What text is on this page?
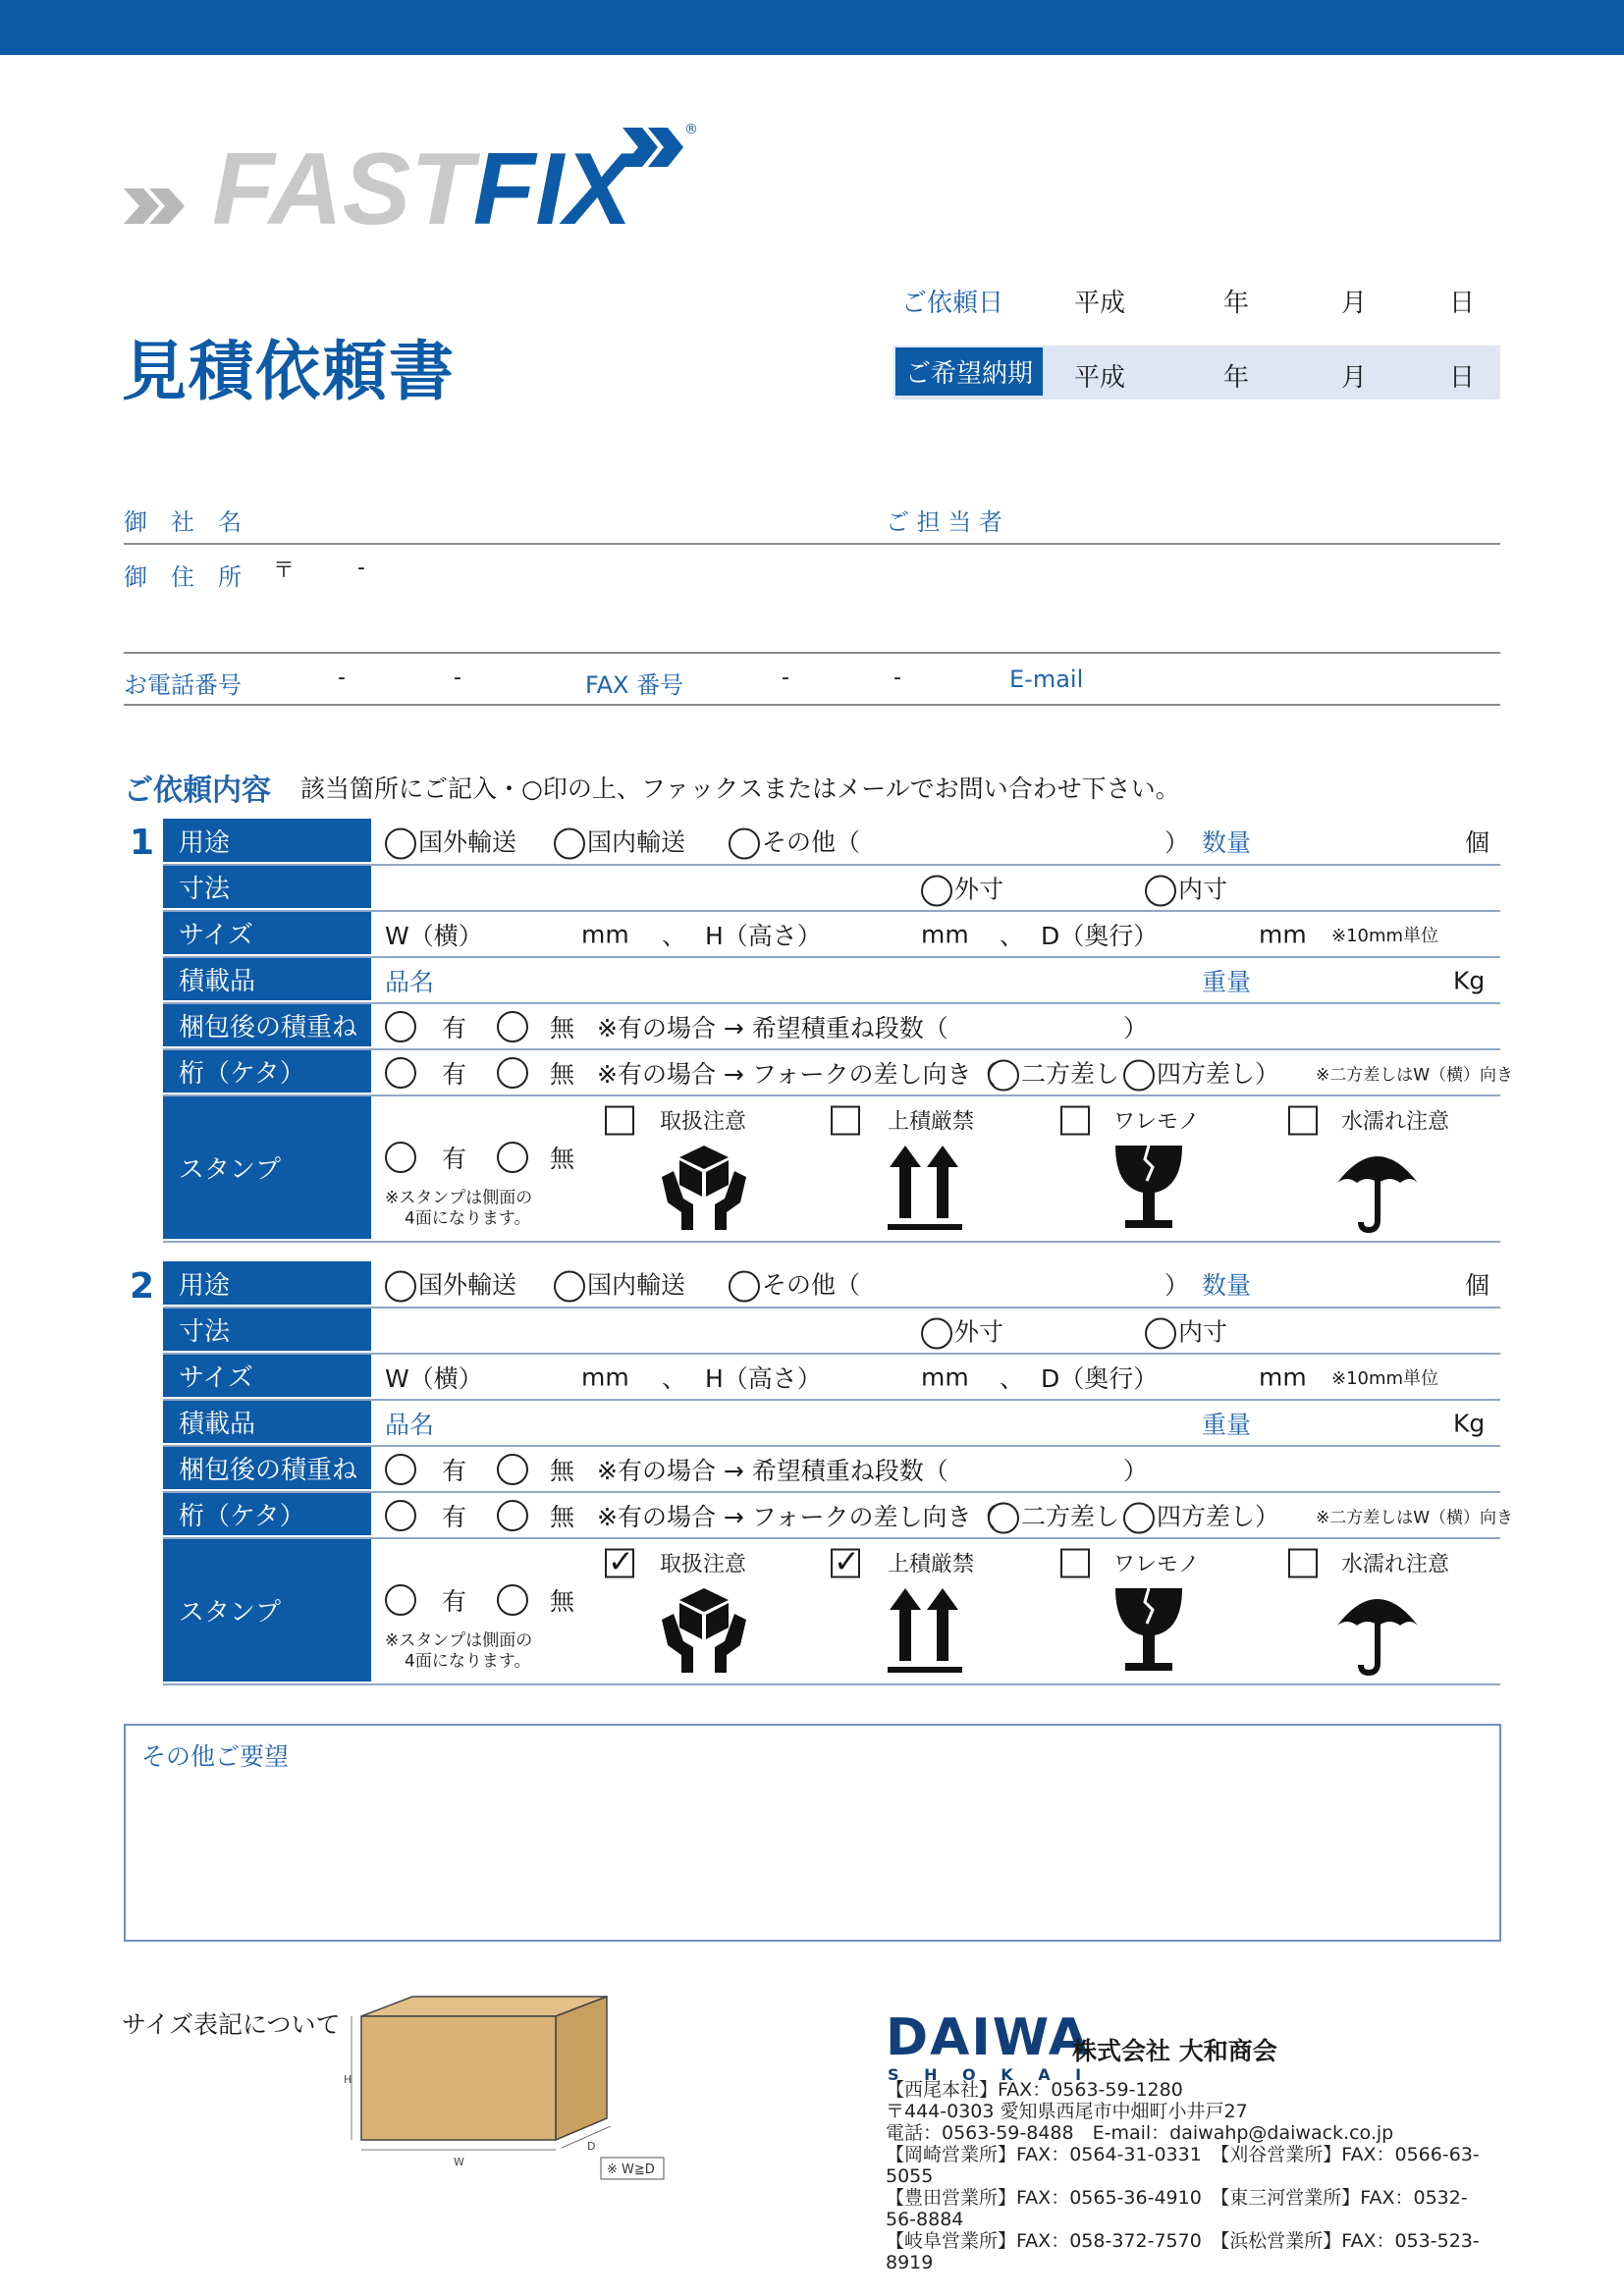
FASTFIX
®
見積依頼書
ご依頼日	平成	年	月	日
ご希望納期	平成	年	月	日
御　社　名	ご 担 当 者
御　住　所 〒	-
お電話番号	-	-	FAX 番号	-	-	E-mail
ご依頼内容 該当箇所にご記入・○印の上、ファックスまたはメールでお問い合わせ下さい。
1 用途	国外輸送	国内輸送	その他（	） 数量	個
寸法	外寸	内寸
サイズ	W（横）	mm 、 H（高さ）	mm 、 D（奥行）	mm ※10mm単位
積載品	品名	重量	Kg
梱包後の積重ね	有	無 ※有の場合 → 希望積重ね段数（	）
桁（ケタ）	有	無 ※有の場合 → フォークの差し向き（	二方差し	四方差し） ※二方差しはW（横）向き
スタンプ	有	無
※スタンプは側面の
4面になります。
取扱注意	上積厳禁	ワレモノ	水濡れ注意
2 用途	国外輸送	国内輸送	その他（	） 数量	個
寸法	外寸	内寸
サイズ	W（横）	mm 、 H（高さ）	mm 、 D（奥行）	mm ※10mm単位
積載品	品名	重量	Kg
梱包後の積重ね	有	無 ※有の場合 → 希望積重ね段数（	）
桁（ケタ）	有	無 ※有の場合 → フォークの差し向き（	二方差し	四方差し） ※二方差しはW（横）向き
スタンプ	有	無
※スタンプは側面の
4面になります。
✓
取扱注意
✓	上積厳禁	ワレモノ	水濡れ注意
その他ご要望
サイズ表記について
H
W
D
※ W≧D
DAIWA
S H O K A I
株式会社 大和商会
【西尾本社】FAX：0563-59-1280
〒444-0303 愛知県西尾市中畑町小井戸27
電話：0563-59-8488　E-mail：daiwahp@daiwack.co.jp
【岡崎営業所】FAX：0564-31-0331　【刈谷営業所】FAX：0566-63-5055
【豊田営業所】FAX：0565-36-4910　【東三河営業所】FAX：0532-56-8884
【岐阜営業所】FAX：058-372-7570　【浜松営業所】FAX：053-523-8919
